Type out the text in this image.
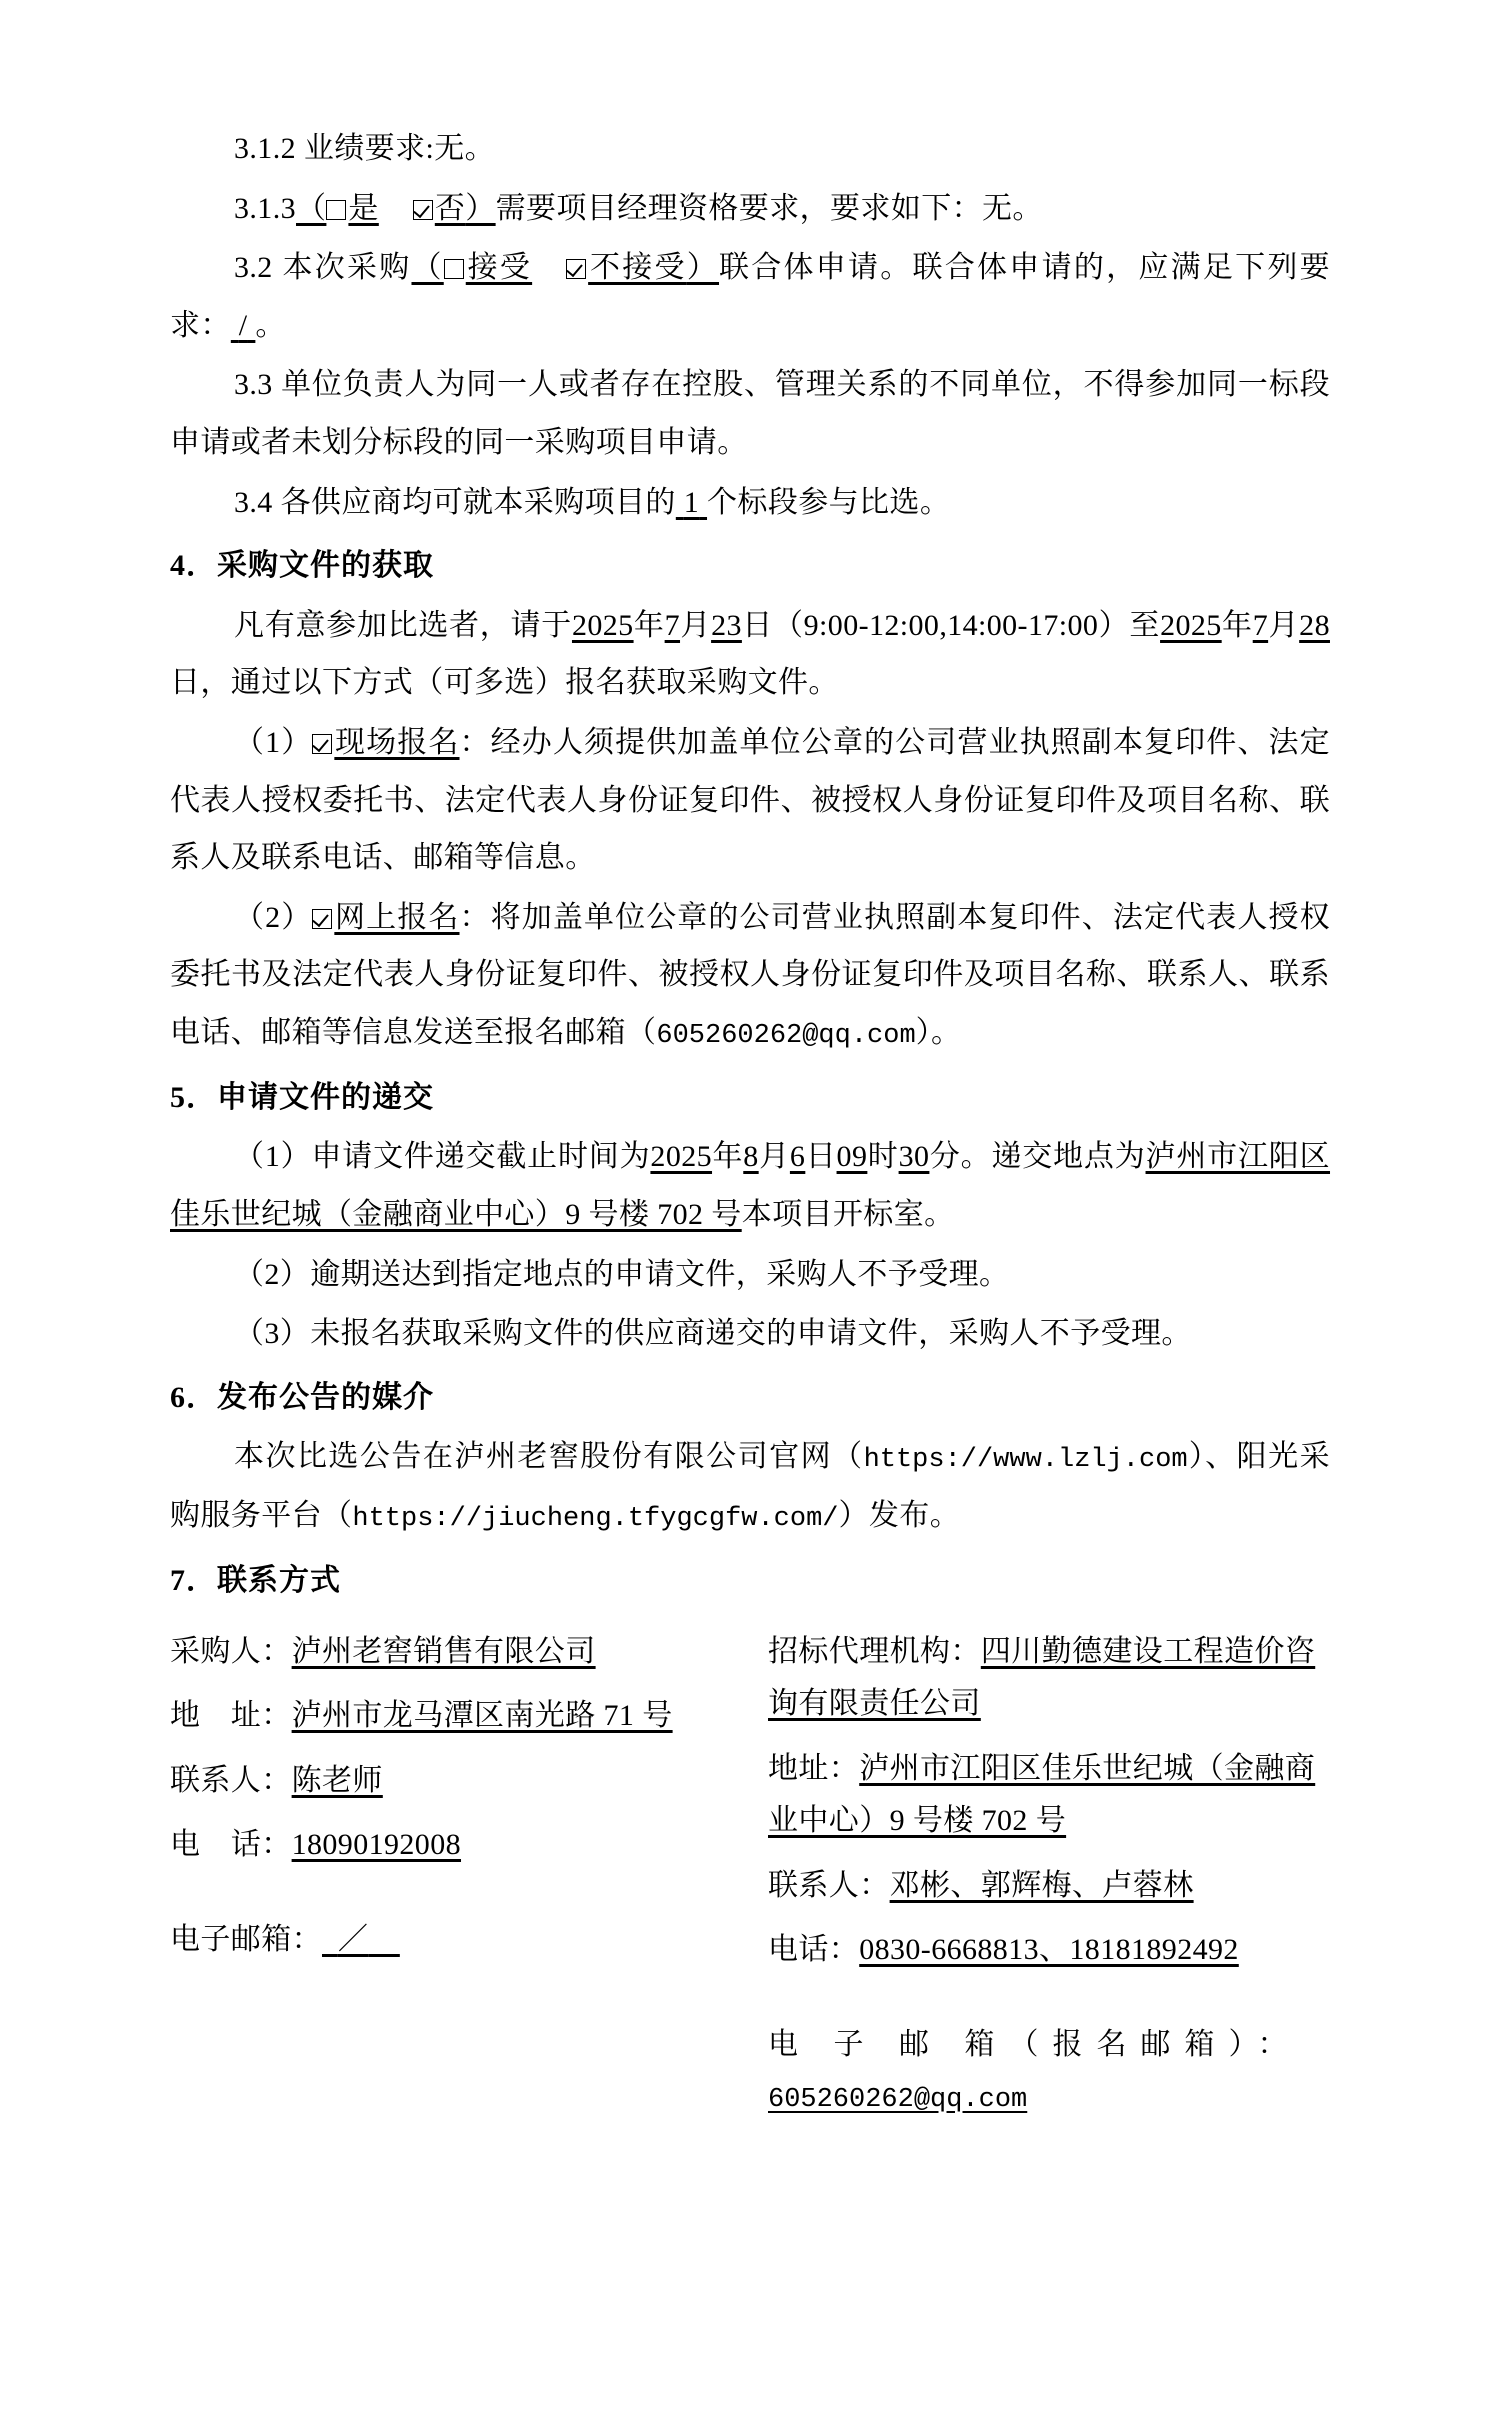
3.1.2 业绩要求:无。

3.1.3（ 是 否）需要项目经理资格要求，要求如下：无。

3.2 本次采购（ 接受 不接受）联合体申请。联合体申请的，应满足下列要求： / 。

3.3 单位负责人为同一人或者存在控股、管理关系的不同单位，不得参加同一标段申请或者未划分标段的同一采购项目申请。

3.4 各供应商均可就本采购项目的 1 个标段参与比选。

4．采购文件的获取

凡有意参加比选者，请于2025年7月23日（9:00-12:00,14:00-17:00）至2025年7月28日，通过以下方式（可多选）报名获取采购文件。

（1） 现场报名：经办人须提供加盖单位公章的公司营业执照副本复印件、法定代表人授权委托书、法定代表人身份证复印件、被授权人身份证复印件及项目名称、联系人及联系电话、邮箱等信息。

（2） 网上报名：将加盖单位公章的公司营业执照副本复印件、法定代表人授权委托书及法定代表人身份证复印件、被授权人身份证复印件及项目名称、联系人、联系电话、邮箱等信息发送至报名邮箱（605260262@qq.com）。

5．申请文件的递交

（1）申请文件递交截止时间为2025年8月6日09时30分。递交地点为泸州市江阳区佳乐世纪城（金融商业中心）9 号楼 702 号本项目开标室。

（2）逾期送达到指定地点的申请文件，采购人不予受理。

（3）未报名获取采购文件的供应商递交的申请文件，采购人不予受理。

6．发布公告的媒介

本次比选公告在泸州老窖股份有限公司官网（https://www.lzlj.com）、阳光采购服务平台（https://jiucheng.tfygcgfw.com/）发布。

7．联系方式

采购人：泸州老窖销售有限公司
地　址：泸州市龙马潭区南光路 71 号
联系人：陈老师
电　话：18090192008
电子邮箱： ／
招标代理机构：四川勤德建设工程造价咨询有限责任公司
地址：泸州市江阳区佳乐世纪城（金融商业中心）9 号楼 702 号
联系人：邓彬、郭辉梅、卢蓉林
电话：0830-6668813、18181892492
电 子 邮 箱（报名邮箱）：
605260262@qq.com
